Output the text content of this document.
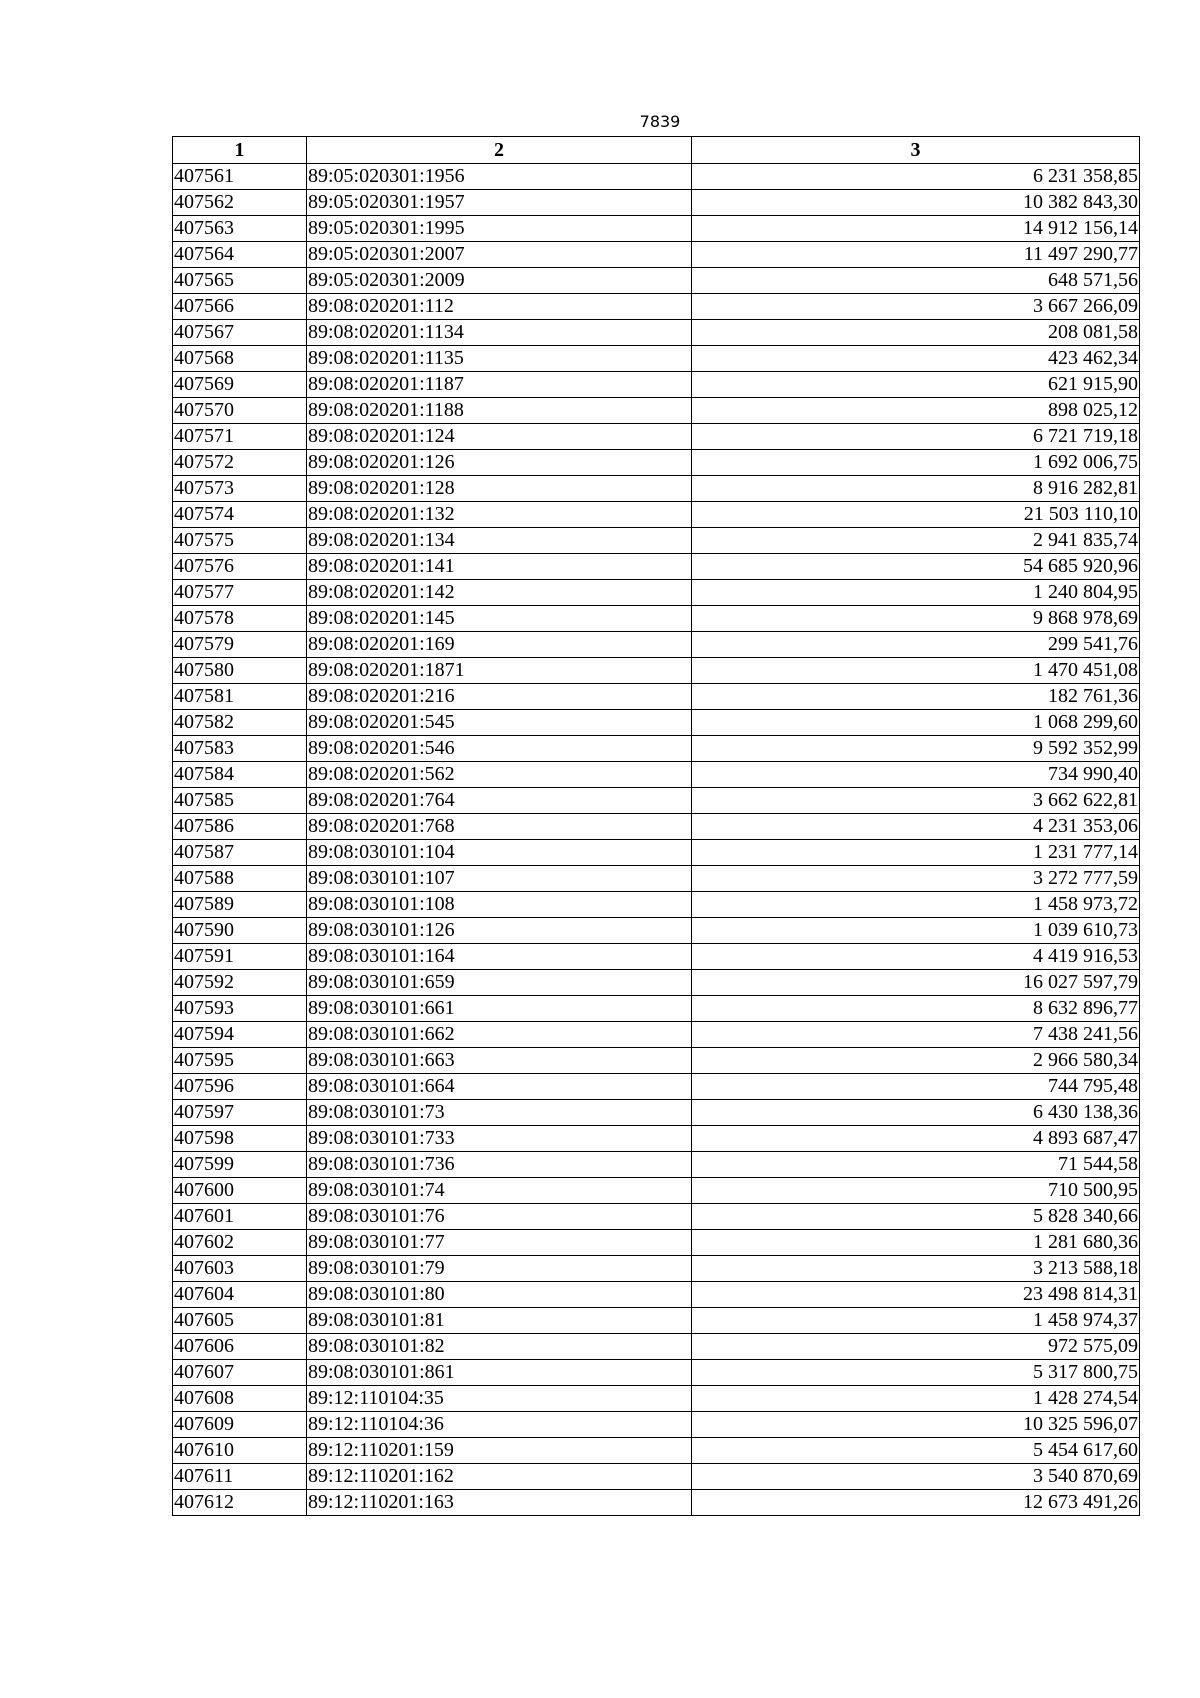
7839
1	2	3
407561	89:05:020301:1956	6 231 358,85
407562	89:05:020301:1957	10 382 843,30
407563	89:05:020301:1995	14 912 156,14
407564	89:05:020301:2007	11 497 290,77
407565	89:05:020301:2009	648 571,56
407566	89:08:020201:112	3 667 266,09
407567	89:08:020201:1134	208 081,58
407568	89:08:020201:1135	423 462,34
407569	89:08:020201:1187	621 915,90
407570	89:08:020201:1188	898 025,12
407571	89:08:020201:124	6 721 719,18
407572	89:08:020201:126	1 692 006,75
407573	89:08:020201:128	8 916 282,81
407574	89:08:020201:132	21 503 110,10
407575	89:08:020201:134	2 941 835,74
407576	89:08:020201:141	54 685 920,96
407577	89:08:020201:142	1 240 804,95
407578	89:08:020201:145	9 868 978,69
407579	89:08:020201:169	299 541,76
407580	89:08:020201:1871	1 470 451,08
407581	89:08:020201:216	182 761,36
407582	89:08:020201:545	1 068 299,60
407583	89:08:020201:546	9 592 352,99
407584	89:08:020201:562	734 990,40
407585	89:08:020201:764	3 662 622,81
407586	89:08:020201:768	4 231 353,06
407587	89:08:030101:104	1 231 777,14
407588	89:08:030101:107	3 272 777,59
407589	89:08:030101:108	1 458 973,72
407590	89:08:030101:126	1 039 610,73
407591	89:08:030101:164	4 419 916,53
407592	89:08:030101:659	16 027 597,79
407593	89:08:030101:661	8 632 896,77
407594	89:08:030101:662	7 438 241,56
407595	89:08:030101:663	2 966 580,34
407596	89:08:030101:664	744 795,48
407597	89:08:030101:73	6 430 138,36
407598	89:08:030101:733	4 893 687,47
407599	89:08:030101:736	71 544,58
407600	89:08:030101:74	710 500,95
407601	89:08:030101:76	5 828 340,66
407602	89:08:030101:77	1 281 680,36
407603	89:08:030101:79	3 213 588,18
407604	89:08:030101:80	23 498 814,31
407605	89:08:030101:81	1 458 974,37
407606	89:08:030101:82	972 575,09
407607	89:08:030101:861	5 317 800,75
407608	89:12:110104:35	1 428 274,54
407609	89:12:110104:36	10 325 596,07
407610	89:12:110201:159	5 454 617,60
407611	89:12:110201:162	3 540 870,69
407612	89:12:110201:163	12 673 491,26
